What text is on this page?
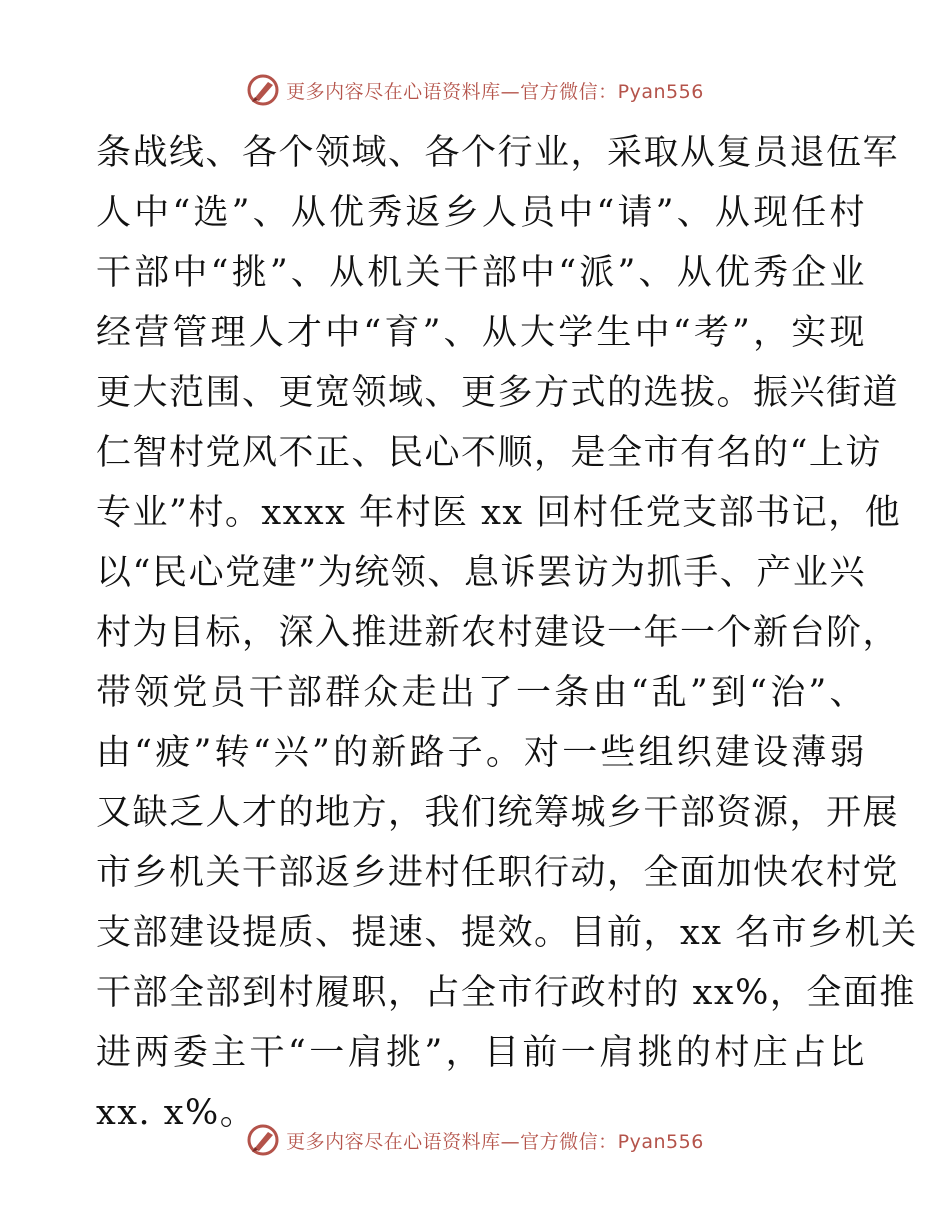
更多内容尽在心语资料库—官方微信：Pyan556
条战线、各个领域、各个行业，采取从复员退伍军
人中“选”、从优秀返乡人员中“请”、从现任村
干部中“挑”、从机关干部中“派”、从优秀企业
经营管理人才中“育”、从大学生中“考”，实现
更大范围、更宽领域、更多方式的选拔。振兴街道
仁智村党风不正、民心不顺，是全市有名的“上访
专业”村。xxxx 年村医 xx 回村任党支部书记，他
以“民心党建”为统领、息诉罢访为抓手、产业兴
村为目标，深入推进新农村建设一年一个新台阶，
带领党员干部群众走出了一条由“乱”到“治”、
由“疲”转“兴”的新路子。对一些组织建设薄弱
又缺乏人才的地方，我们统筹城乡干部资源，开展
市乡机关干部返乡进村任职行动，全面加快农村党
支部建设提质、提速、提效。目前，xx 名市乡机关
干部全部到村履职，占全市行政村的 xx%，全面推
进两委主干“一肩挑”，目前一肩挑的村庄占比
xx. x%。
更多内容尽在心语资料库—官方微信：Pyan556
